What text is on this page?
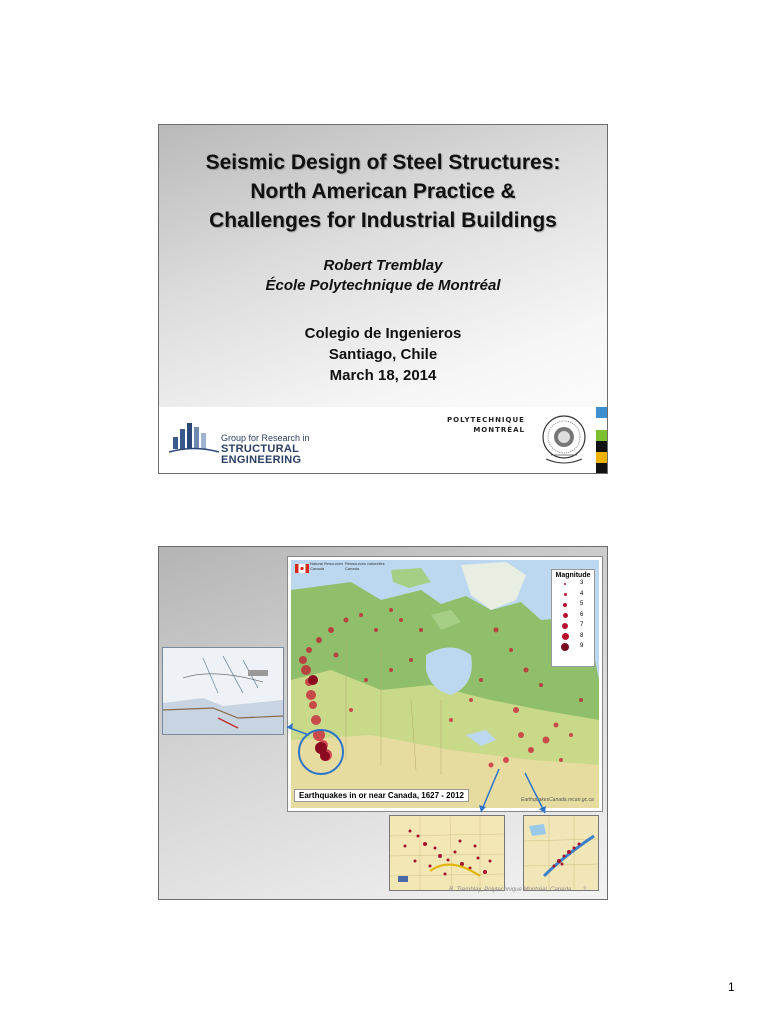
Seismic Design of Steel Structures:
North American Practice &
Challenges for Industrial Buildings
Robert Tremblay
École Polytechnique de Montréal
Colegio de Ingenieros
Santiago, Chile
March 18, 2014
Group for Research in
STRUCTURAL ENGINEERING
POLYTECHNIQUE
MONTRÉAL
Natural Resources
Canada
Ressources naturelles
Canada
Magnitude
3
4
5
6
7
8
9
Earthquakes in or near Canada, 1627 - 2012	EarthquakesCanada.nrcan.gc.ca
R. Tremblay, Polytechnique Montréal, Canada 2
1
